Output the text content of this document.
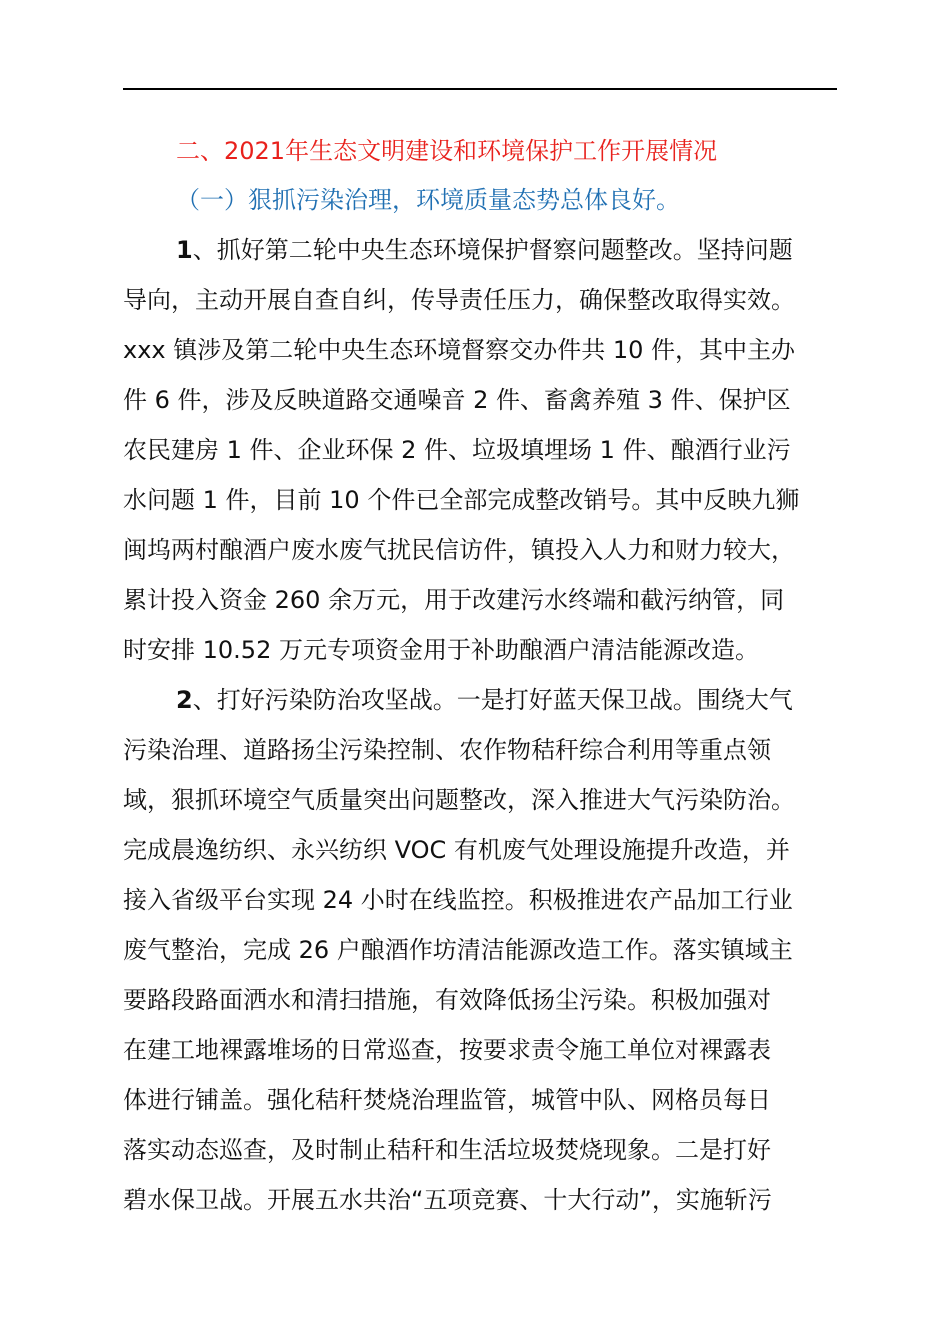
二、2021年生态文明建设和环境保护工作开展情况
（一）狠抓污染治理，环境质量态势总体良好。
1、抓好第二轮中央生态环境保护督察问题整改。坚持问题
导向，主动开展自查自纠，传导责任压力，确保整改取得实效。
xxx 镇涉及第二轮中央生态环境督察交办件共 10 件，其中主办
件 6 件，涉及反映道路交通噪音 2 件、畜禽养殖 3 件、保护区
农民建房 1 件、企业环保 2 件、垃圾填埋场 1 件、酿酒行业污
水问题 1 件，目前 10 个件已全部完成整改销号。其中反映九狮
闽坞两村酿酒户废水废气扰民信访件，镇投入人力和财力较大，
累计投入资金 260 余万元，用于改建污水终端和截污纳管，同
时安排 10.52 万元专项资金用于补助酿酒户清洁能源改造。
2、打好污染防治攻坚战。一是打好蓝天保卫战。围绕大气
污染治理、道路扬尘污染控制、农作物秸秆综合利用等重点领
域，狠抓环境空气质量突出问题整改，深入推进大气污染防治。
完成晨逸纺织、永兴纺织 VOC 有机废气处理设施提升改造，并
接入省级平台实现 24 小时在线监控。积极推进农产品加工行业
废气整治，完成 26 户酿酒作坊清洁能源改造工作。落实镇域主
要路段路面洒水和清扫措施，有效降低扬尘污染。积极加强对
在建工地裸露堆场的日常巡查，按要求责令施工单位对裸露表
体进行铺盖。强化秸秆焚烧治理监管，城管中队、网格员每日
落实动态巡查，及时制止秸秆和生活垃圾焚烧现象。二是打好
碧水保卫战。开展五水共治“五项竞赛、十大行动”，实施斩污
